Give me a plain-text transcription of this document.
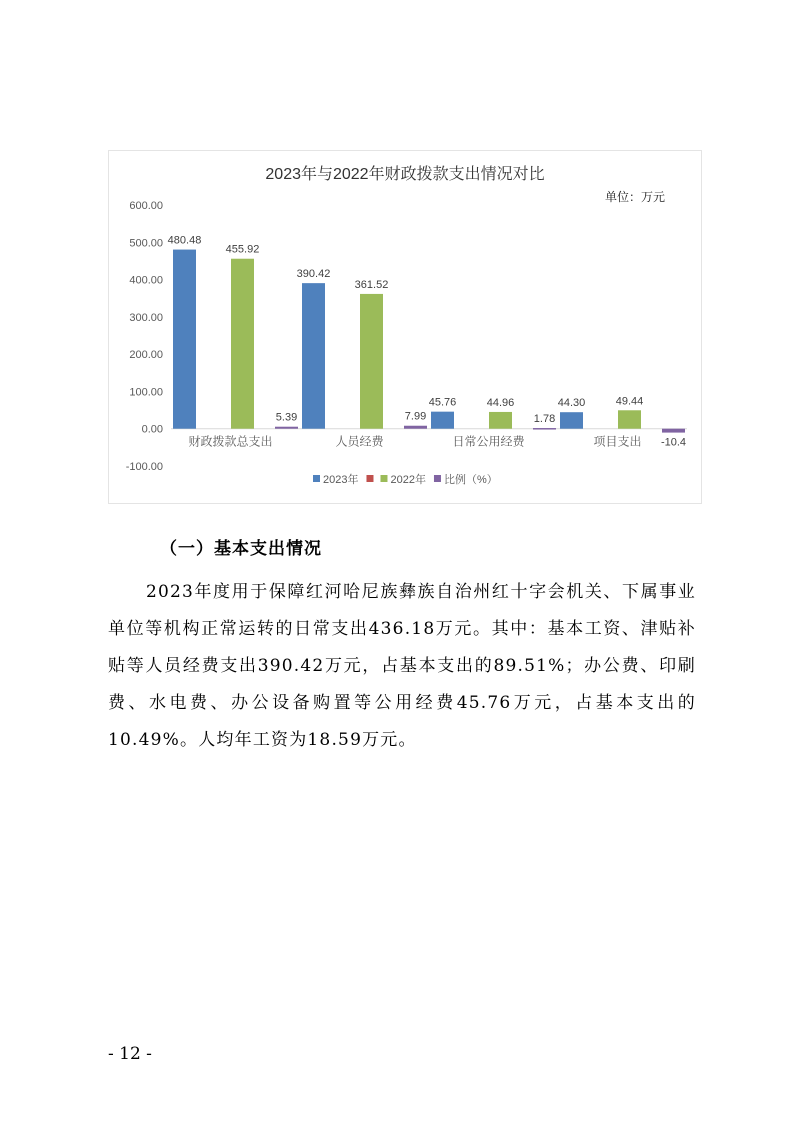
2023年与2022年财政拨款支出情况对比
单位：万元
600.00
500.00
400.00
300.00
200.00
100.00
0.00
-100.00
480.48
390.42
45.76	44.30
455.92
361.52
44.96	49.44
5.39	7.99	1.78
-10.4
财政拨款总支出	人员经费	日常公用经费	项目支出
2023年	2022年 比例（%）
（一）基本支出情况

2023年度用于保障红河哈尼族彝族自治州红十字会机关、下属事业单位等机构正常运转的日常支出436.18万元。其中：基本工资、津贴补贴等人员经费支出390.42万元，占基本支出的89.51%；办公费、印刷费、水电费、办公设备购置等公用经费45.76万元，占基本支出的10.49%。人均年工资为18.59万元。

- 12 -
